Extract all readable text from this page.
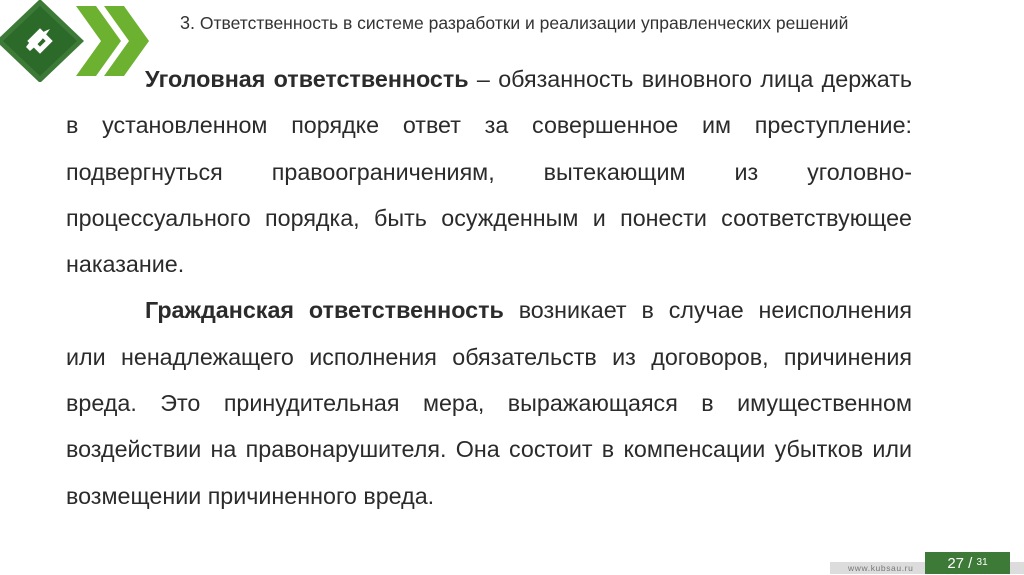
3. Ответственность в системе разработки и реализации управленческих решений

Уголовная ответственность – обязанность виновного лица держать в установленном порядке ответ за совершенное им преступление: подвергнуться правоограничениям, вытекающим из уголовно-процессуального порядка, быть осужденным и понести соответствующее наказание.

Гражданская ответственность возникает в случае неисполнения или ненадлежащего исполнения обязательств из договоров, причинения вреда. Это принудительная мера, выражающаяся в имущественном воздействии на правонарушителя. Она состоит в компенсации убытков или возмещении причиненного вреда.

www.kubsau.ru	27 / $^{31}$
